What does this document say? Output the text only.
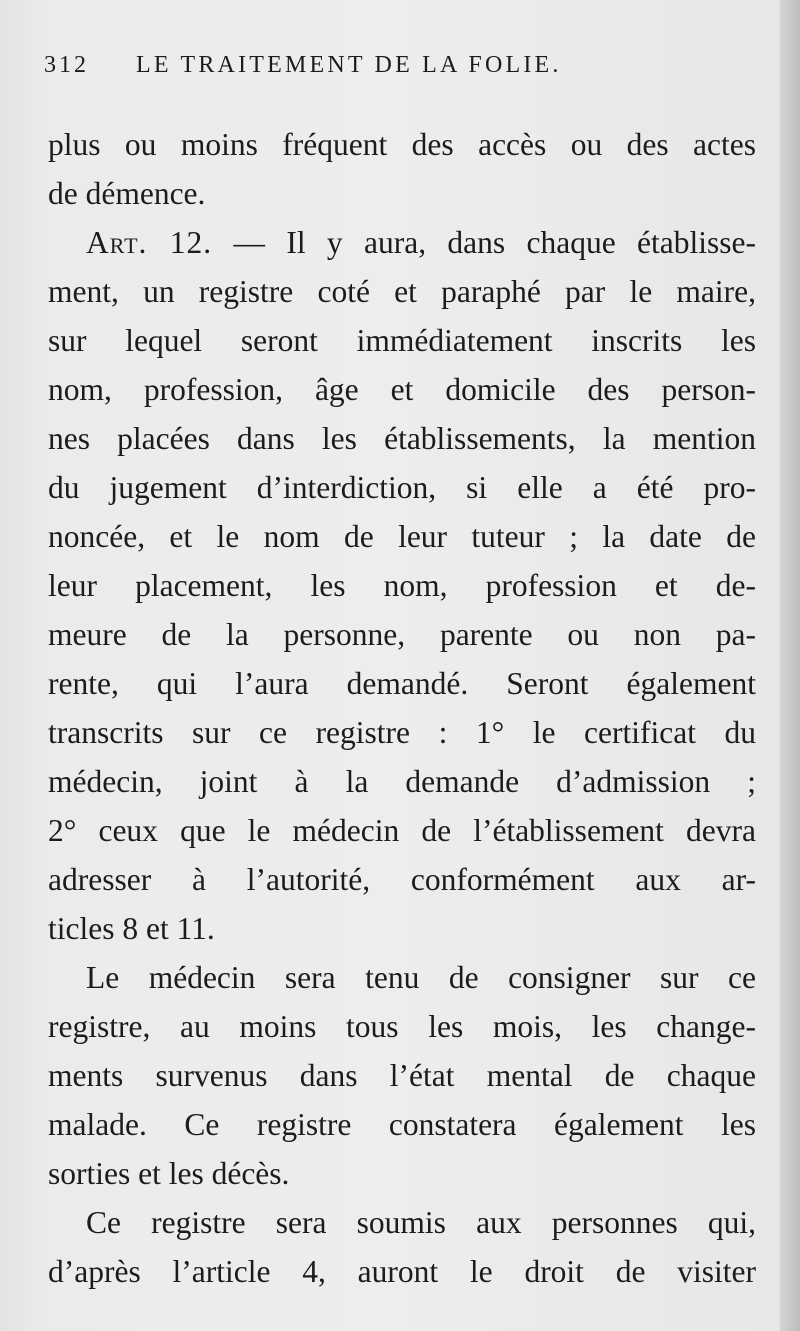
312	LE TRAITEMENT DE LA FOLIE.
plus ou moins fréquent des accès ou des actes
de démence.
Art. 12. — Il y aura, dans chaque établisse-
ment, un registre coté et paraphé par le maire,
sur lequel seront immédiatement inscrits les
nom, profession, âge et domicile des person-
nes placées dans les établissements, la mention
du jugement d’interdiction, si elle a été pro-
noncée, et le nom de leur tuteur ; la date de
leur placement, les nom, profession et de-
meure de la personne, parente ou non pa-
rente, qui l’aura demandé. Seront également
transcrits sur ce registre : 1° le certificat du
médecin, joint à la demande d’admission ;
2° ceux que le médecin de l’établissement devra
adresser à l’autorité, conformément aux ar-
ticles 8 et 11.
Le médecin sera tenu de consigner sur ce
registre, au moins tous les mois, les change-
ments survenus dans l’état mental de chaque
malade. Ce registre constatera également les
sorties et les décès.
Ce registre sera soumis aux personnes qui,
d’après l’article 4, auront le droit de visiter
